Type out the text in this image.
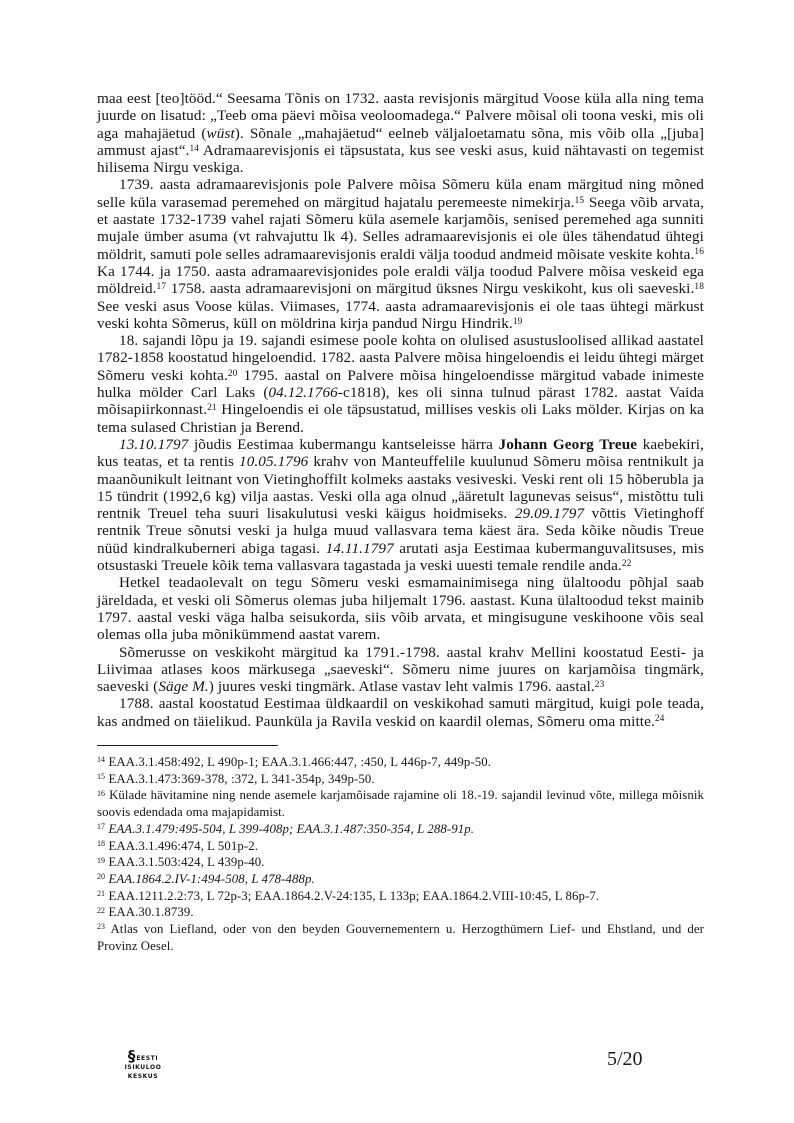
maa eest [teo]tööd.“ Seesama Tõnis on 1732. aasta revisjonis märgitud Voose küla alla ning tema juurde on lisatud: „Teeb oma päevi mõisa veoloomadega.“ Palvere mõisal oli toona veski, mis oli aga mahajäetud (wüst). Sõnale „mahajäetud“ eelneb väljaloetamatu sõna, mis võib olla „[juba] ammust ajast“.$^{14}$ Adramaarevisjonis ei täpsustata, kus see veski asus, kuid nähtavasti on tegemist hilisema Nirgu veskiga.

1739. aasta adramaarevisjonis pole Palvere mõisa Sõmeru küla enam märgitud ning mõned selle küla varasemad peremehed on märgitud hajatalu peremeeste nimekirja.$^{15}$ Seega võib arvata, et aastate 1732-1739 vahel rajati Sõmeru küla asemele karjamõis, senised peremehed aga sunniti mujale ümber asuma (vt rahvajuttu lk 4). Selles adramaarevisjonis ei ole üles tähendatud ühtegi möldrit, samuti pole selles adramaarevisjonis eraldi välja toodud andmeid mõisate veskite kohta.$^{16}$ Ka 1744. ja 1750. aasta adramaarevisjonides pole eraldi välja toodud Palvere mõisa veskeid ega möldreid.$^{17}$ 1758. aasta adramaarevisjoni on märgitud üksnes Nirgu veskikoht, kus oli saeveski.$^{18}$ See veski asus Voose külas. Viimases, 1774. aasta adramaarevisjonis ei ole taas ühtegi märkust veski kohta Sõmerus, küll on möldrina kirja pandud Nirgu Hindrik.$^{19}$

18. sajandi lõpu ja 19. sajandi esimese poole kohta on olulised asustusloolised allikad aastatel 1782-1858 koostatud hingeloendid. 1782. aasta Palvere mõisa hingeloendis ei leidu ühtegi märget Sõmeru veski kohta.$^{20}$ 1795. aastal on Palvere mõisa hingeloendisse märgitud vabade inimeste hulka mölder Carl Laks (04.12.1766-c1818), kes oli sinna tulnud pärast 1782. aastat Vaida mõisapiirkonnast.$^{21}$ Hingeloendis ei ole täpsustatud, millises veskis oli Laks mölder. Kirjas on ka tema sulased Christian ja Berend.

13.10.1797 jõudis Eestimaa kubermangu kantseleisse härra Johann Georg Treue kaebekiri, kus teatas, et ta rentis 10.05.1796 krahv von Manteuffelile kuulunud Sõmeru mõisa rentnikult ja maanõunikult leitnant von Vietinghoffilt kolmeks aastaks vesiveski. Veski rent oli 15 hõberubla ja 15 tündrit (1992,6 kg) vilja aastas. Veski olla aga olnud „ääretult lagunevas seisus“, mistõttu tuli rentnik Treuel teha suuri lisakulutusi veski käigus hoidmiseks. 29.09.1797 võttis Vietinghoff rentnik Treue sõnutsi veski ja hulga muud vallasvara tema käest ära. Seda kõike nõudis Treue nüüd kindralkuberneri abiga tagasi. 14.11.1797 arutati asja Eestimaa kubermanguvalitsuses, mis otsustaski Treuele kõik tema vallasvara tagastada ja veski uuesti temale rendile anda.$^{22}$

Hetkel teadaolevalt on tegu Sõmeru veski esmamainimisega ning ülaltoodu põhjal saab järeldada, et veski oli Sõmerus olemas juba hiljemalt 1796. aastast. Kuna ülaltoodud tekst mainib 1797. aastal veski väga halba seisukorda, siis võib arvata, et mingisugune veskihoone võis seal olemas olla juba mõnikümmend aastat varem.

Sõmerusse on veskikoht märgitud ka 1791.-1798. aastal krahv Mellini koostatud Eesti- ja Liivimaa atlases koos märkusega „saeveski“. Sõmeru nime juures on karjamõisa tingmärk, saeveski (Säge M.) juures veski tingmärk. Atlase vastav leht valmis 1796. aastal.$^{23}$

1788. aastal koostatud Eestimaa üldkaardil on veskikohad samuti märgitud, kuigi pole teada, kas andmed on täielikud. Paunküla ja Ravila veskid on kaardil olemas, Sõmeru oma mitte.$^{24}$

$^{14}$ EAA.3.1.458:492, L 490p-1; EAA.3.1.466:447, :450, L 446p-7, 449p-50.
$^{15}$ EAA.3.1.473:369-378, :372, L 341-354p, 349p-50.
$^{16}$ Külade hävitamine ning nende asemele karjamõisade rajamine oli 18.-19. sajandil levinud võte, millega mõisnik soovis edendada oma majapidamist.
$^{17}$ EAA.3.1.479:495-504, L 399-408p; EAA.3.1.487:350-354, L 288-91p.
$^{18}$ EAA.3.1.496:474, L 501p-2.
$^{19}$ EAA.3.1.503:424, L 439p-40.
$^{20}$ EAA.1864.2.IV-1:494-508, L 478-488p.
$^{21}$ EAA.1211.2.2:73, L 72p-3; EAA.1864.2.V-24:135, L 133p; EAA.1864.2.VIII-10:45, L 86p-7.
$^{22}$ EAA.30.1.8739.
$^{23}$ Atlas von Liefland, oder von den beyden Gouvernementern u. Herzogthümern Lief- und Ehstland, und der Provinz Oesel.
§ EESTI
ISIKULOO
KESKUS
5/20
